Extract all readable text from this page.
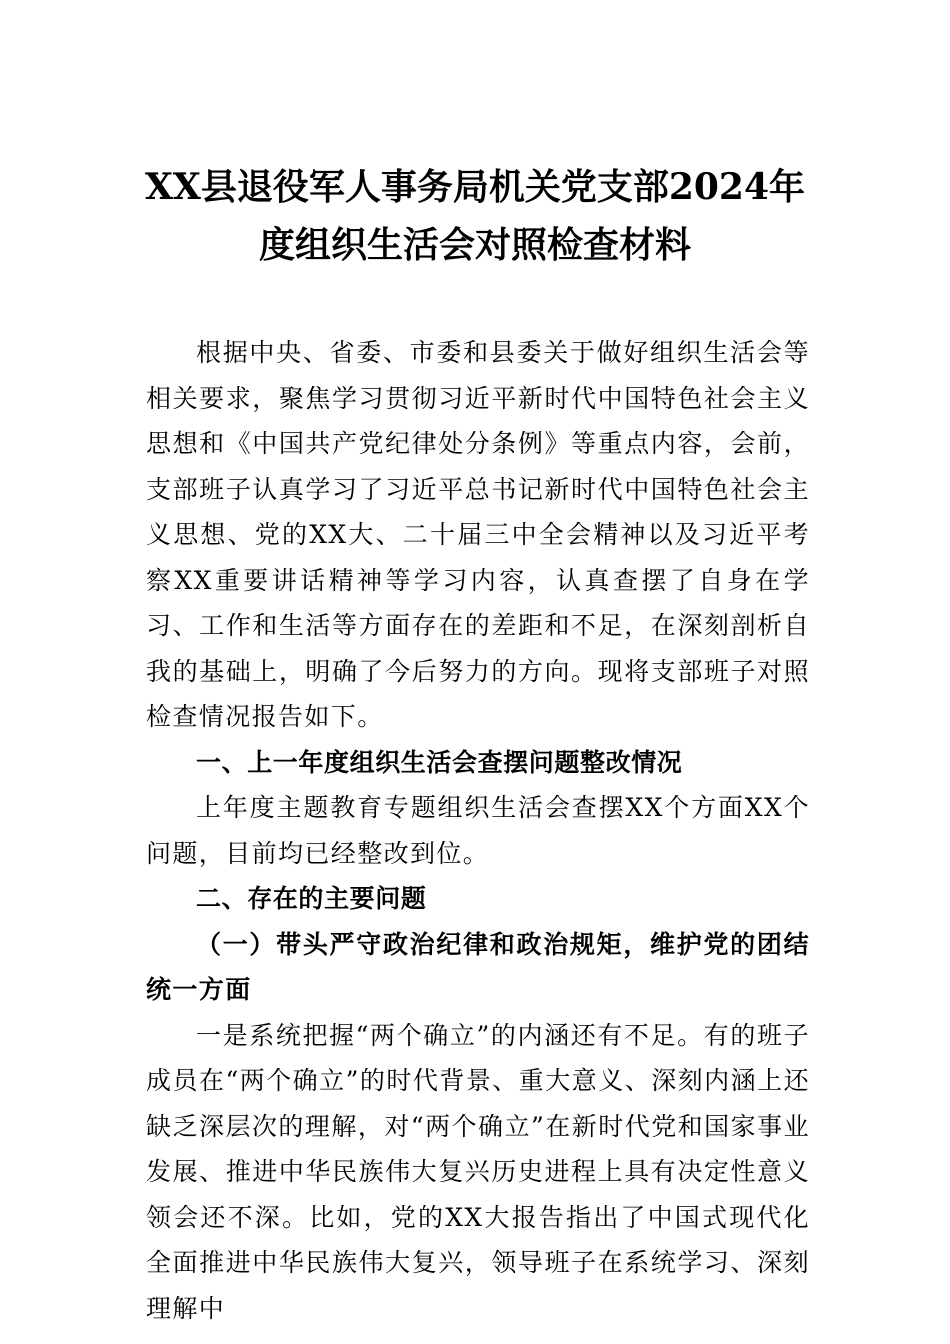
XX县退役军人事务局机关党支部2024年度组织生活会对照检查材料

根据中央、省委、市委和县委关于做好组织生活会等相关要求，聚焦学习贯彻习近平新时代中国特色社会主义思想和《中国共产党纪律处分条例》等重点内容，会前，支部班子认真学习了习近平总书记新时代中国特色社会主义思想、党的XX大、二十届三中全会精神以及习近平考察XX重要讲话精神等学习内容，认真查摆了自身在学习、工作和生活等方面存在的差距和不足，在深刻剖析自我的基础上，明确了今后努力的方向。现将支部班子对照检查情况报告如下。

一、上一年度组织生活会查摆问题整改情况

上年度主题教育专题组织生活会查摆XX个方面XX个问题，目前均已经整改到位。

二、存在的主要问题

（一）带头严守政治纪律和政治规矩，维护党的团结统一方面

一是系统把握“两个确立”的内涵还有不足。有的班子成员在“两个确立”的时代背景、重大意义、深刻内涵上还缺乏深层次的理解，对“两个确立”在新时代党和国家事业发展、推进中华民族伟大复兴历史进程上具有决定性意义领会还不深。比如，党的XX大报告指出了中国式现代化全面推进中华民族伟大复兴，领导班子在系统学习、深刻理解中
